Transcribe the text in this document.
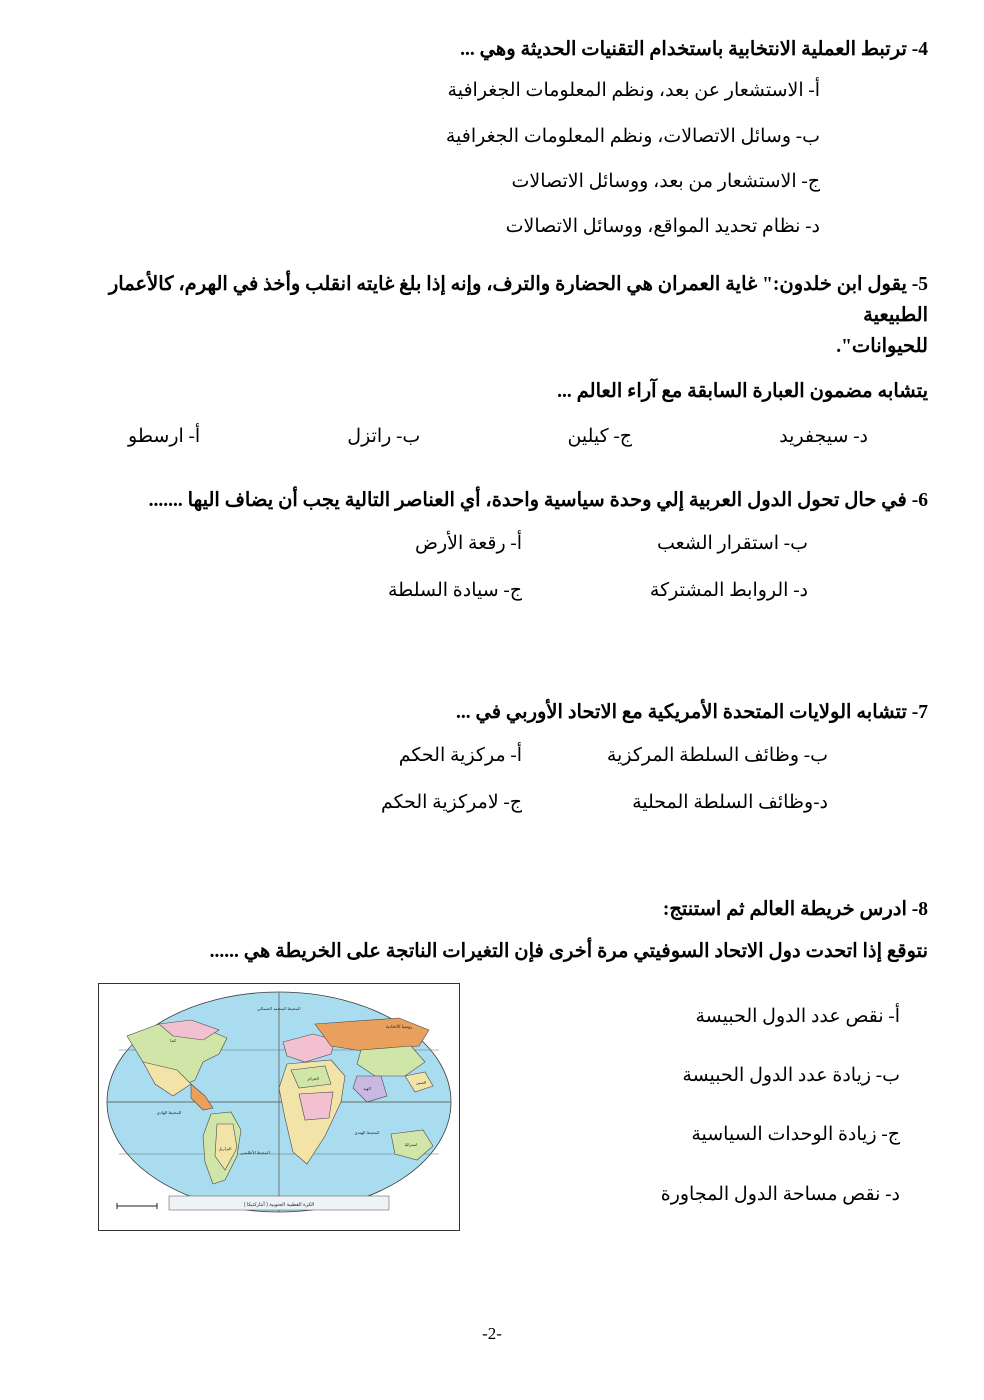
4- ترتبط العملية الانتخابية باستخدام التقنيات الحديثة وهي ...
أ- الاستشعار عن بعد، ونظم المعلومات الجغرافية
ب- وسائل الاتصالات، ونظم المعلومات الجغرافية
ج- الاستشعار من بعد، ووسائل الاتصالات
د- نظام تحديد المواقع، ووسائل الاتصالات
5- يقول ابن خلدون:" غاية العمران هي الحضارة والترف، وإنه إذا بلغ غايته انقلب وأخذ في الهرم، كالأعمار الطبيعية
للحيوانات".
يتشابه مضمون العبارة السابقة مع آراء العالم ...
د- سيجفريد
ج- كيلين
ب- راتزل
أ- ارسطو
6- في حال تحول الدول العربية إلي وحدة سياسية واحدة، أي العناصر التالية يجب أن يضاف اليها .......
ب- استقرار الشعب
أ- رقعة الأرض
د- الروابط المشتركة
ج- سيادة السلطة
7- تتشابه الولايات المتحدة الأمريكية مع الاتحاد الأوربي في ...
ب- وظائف السلطة المركزية
أ- مركزية الحكم
د-وظائف السلطة المحلية
ج- لامركزية الحكم
8- ادرس خريطة العالم ثم استنتج:
نتوقع إذا اتحدت دول الاتحاد السوفيتي مرة أخرى فإن التغيرات الناتجة على الخريطة هي ......
أ- نقص عدد الدول الحبيسة
ب- زيادة عدد الدول الحبيسة
ج- زيادة الوحدات السياسية
د- نقص مساحة الدول المجاورة
الكرة القطبية الجنوبية ( أنتاركتيكا )
روسيا الاتحادية
المحيط الهادي
المحيط الأطلسي
المحيط الهندي
المحيط المتجمد الشمالي
الصين
الهند
الجزائر
البرازيل
استراليا
كندا
-2-
